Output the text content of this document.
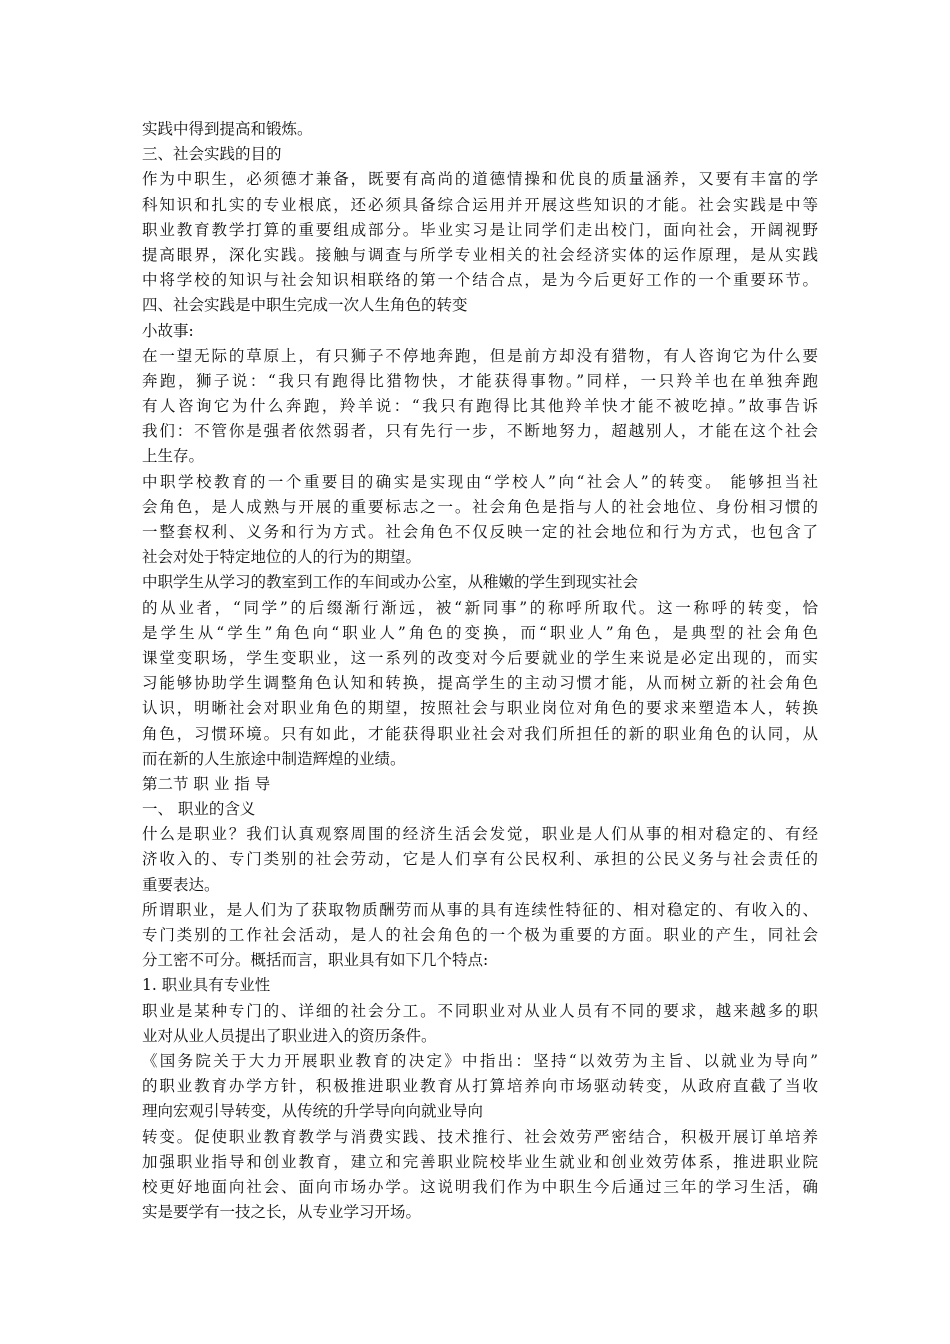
实践中得到提高和锻炼。
三、社会实践的目的
作为中职生，必须德才兼备，既要有高尚的道德情操和优良的质量涵养，又要有丰富的学
科知识和扎实的专业根底，还必须具备综合运用并开展这些知识的才能。社会实践是中等
职业教育教学打算的重要组成部分。毕业实习是让同学们走出校门，面向社会，开阔视野
提高眼界，深化实践。接触与调查与所学专业相关的社会经济实体的运作原理，是从实践
中将学校的知识与社会知识相联络的第一个结合点，是为今后更好工作的一个重要环节。
四、社会实践是中职生完成一次人生角色的转变
小故事:
在一望无际的草原上，有只狮子不停地奔跑，但是前方却没有猎物，有人咨询它为什么要
奔跑，狮子说：“我只有跑得比猎物快，才能获得事物。”同样，一只羚羊也在单独奔跑
有人咨询它为什么奔跑，羚羊说：“我只有跑得比其他羚羊快才能不被吃掉。”故事告诉
我们：不管你是强者依然弱者，只有先行一步，不断地努力，超越别人，才能在这个社会
上生存。
中职学校教育的一个重要目的确实是实现由“学校人”向“社会人”的转变。 能够担当社
会角色，是人成熟与开展的重要标志之一。社会角色是指与人的社会地位、身份相习惯的
一整套权利、义务和行为方式。社会角色不仅反映一定的社会地位和行为方式，也包含了
社会对处于特定地位的人的行为的期望。
中职学生从学习的教室到工作的车间或办公室，从稚嫩的学生到现实社会
的从业者，“同学”的后缀渐行渐远，被“新同事”的称呼所取代。这一称呼的转变，恰
是学生从“学生”角色向“职业人”角色的变换，而“职业人”角色，是典型的社会角色
课堂变职场，学生变职业，这一系列的改变对今后要就业的学生来说是必定出现的，而实
习能够协助学生调整角色认知和转换，提高学生的主动习惯才能，从而树立新的社会角色
认识，明晰社会对职业角色的期望，按照社会与职业岗位对角色的要求来塑造本人，转换
角色，习惯环境。只有如此，才能获得职业社会对我们所担任的新的职业角色的认同，从
而在新的人生旅途中制造辉煌的业绩。
第二节 职 业 指 导
一、 职业的含义
什么是职业？我们认真观察周围的经济生活会发觉，职业是人们从事的相对稳定的、有经
济收入的、专门类别的社会劳动，它是人们享有公民权利、承担的公民义务与社会责任的
重要表达。
所谓职业，是人们为了获取物质酬劳而从事的具有连续性特征的、相对稳定的、有收入的、
专门类别的工作社会活动，是人的社会角色的一个极为重要的方面。职业的产生，同社会
分工密不可分。概括而言，职业具有如下几个特点:
1. 职业具有专业性
职业是某种专门的、详细的社会分工。不同职业对从业人员有不同的要求，越来越多的职
业对从业人员提出了职业进入的资历条件。
《国务院关于大力开展职业教育的决定》中指出：坚持“以效劳为主旨、以就业为导向”
的职业教育办学方针，积极推进职业教育从打算培养向市场驱动转变，从政府直截了当收
理向宏观引导转变，从传统的升学导向向就业导向
转变。促使职业教育教学与消费实践、技术推行、社会效劳严密结合，积极开展订单培养
加强职业指导和创业教育，建立和完善职业院校毕业生就业和创业效劳体系，推进职业院
校更好地面向社会、面向市场办学。这说明我们作为中职生今后通过三年的学习生活，确
实是要学有一技之长，从专业学习开场。
